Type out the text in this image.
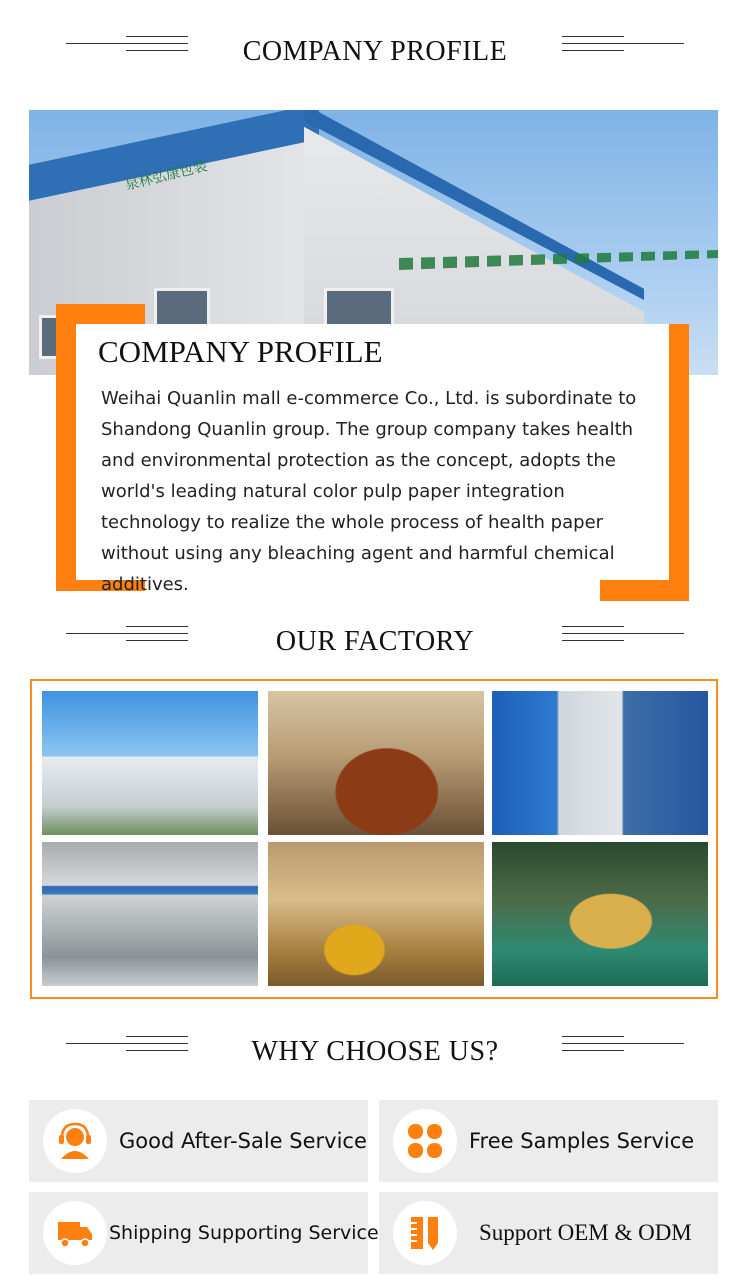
COMPANY PROFILE
泉林弘康包装
COMPANY PROFILE
Weihai Quanlin mall e-commerce Co., Ltd. is subordinate to Shandong Quanlin group. The group company takes health and environmental protection as the concept, adopts the world's leading natural color pulp paper integration technology to realize the whole process of health paper without using any bleaching agent and harmful chemical additives.
OUR FACTORY
WHY CHOOSE US?
Good After-Sale Service	Free Samples Service
Shipping Supporting Service	Support OEM & ODM
